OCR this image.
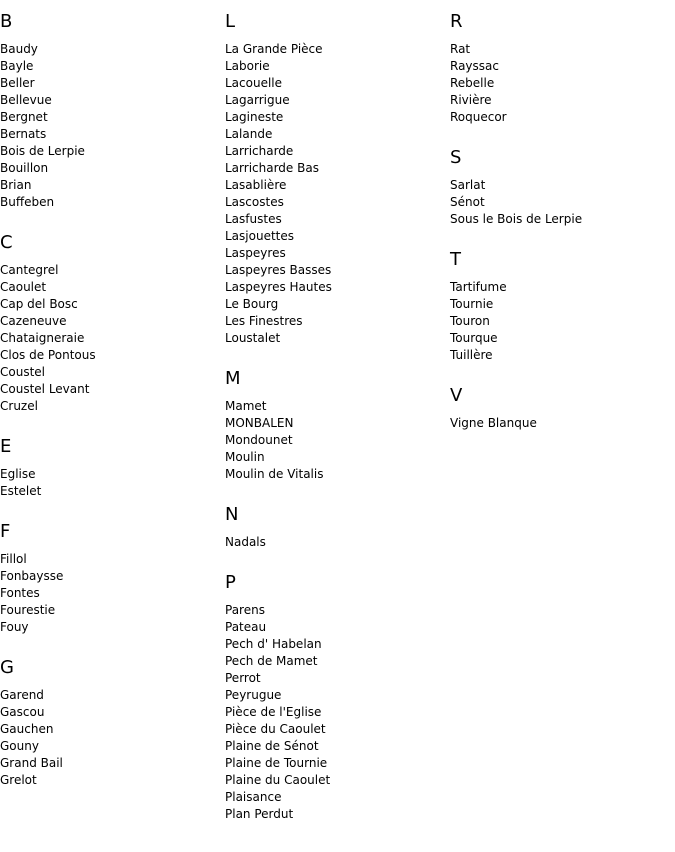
B
Baudy
Bayle
Beller
Bellevue
Bergnet
Bernats
Bois de Lerpie
Bouillon
Brian
Buffeben
C
Cantegrel
Caoulet
Cap del Bosc
Cazeneuve
Chataigneraie
Clos de Pontous
Coustel
Coustel Levant
Cruzel
E
Eglise
Estelet
F
Fillol
Fonbaysse
Fontes
Fourestie
Fouy
G
Garend
Gascou
Gauchen
Gouny
Grand Bail
Grelot
L
La Grande Pièce
Laborie
Lacouelle
Lagarrigue
Lagineste
Lalande
Larricharde
Larricharde Bas
Lasablière
Lascostes
Lasfustes
Lasjouettes
Laspeyres
Laspeyres Basses
Laspeyres Hautes
Le Bourg
Les Finestres
Loustalet
M
Mamet
MONBALEN
Mondounet
Moulin
Moulin de Vitalis
N
Nadals
P
Parens
Pateau
Pech d' Habelan
Pech de Mamet
Perrot
Peyrugue
Pièce de l'Eglise
Pièce du Caoulet
Plaine de Sénot
Plaine de Tournie
Plaine du Caoulet
Plaisance
Plan Perdut
R
Rat
Rayssac
Rebelle
Rivière
Roquecor
S
Sarlat
Sénot
Sous le Bois de Lerpie
T
Tartifume
Tournie
Touron
Tourque
Tuillère
V
Vigne Blanque
